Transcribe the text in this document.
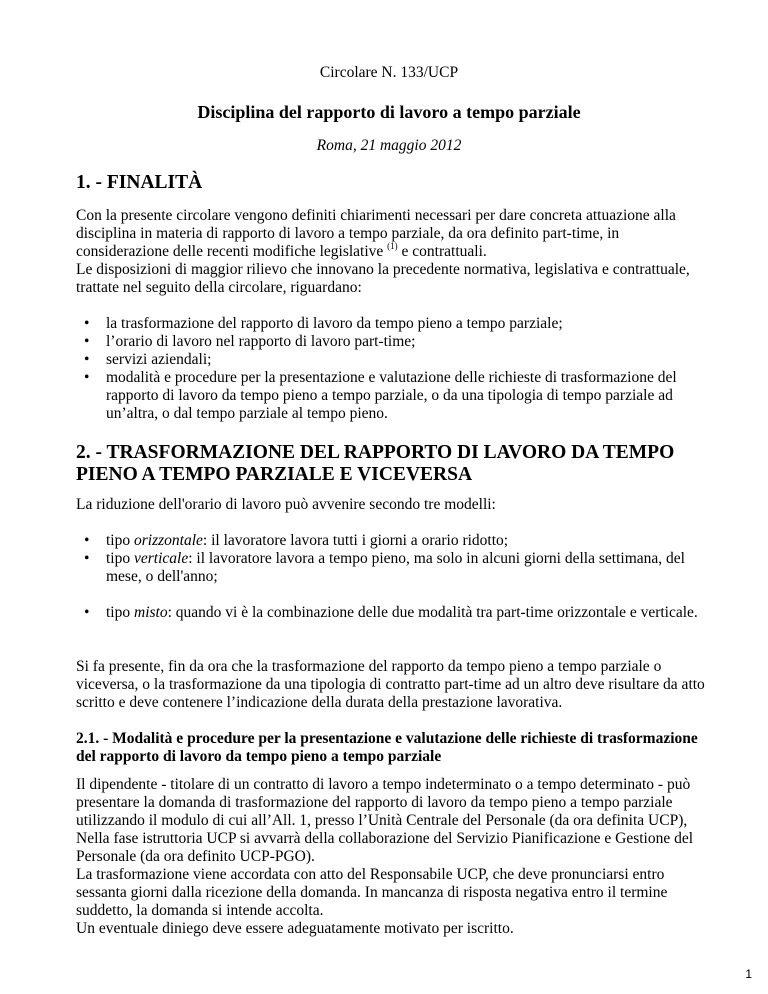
Circolare N. 133/UCP
Disciplina del rapporto di lavoro a tempo parziale
Roma, 21 maggio 2012
1. - FINALITÀ

Con la presente circolare vengono definiti chiarimenti necessari per dare concreta attuazione alla disciplina in materia di rapporto di lavoro a tempo parziale, da ora definito part-time, in considerazione delle recenti modifiche legislative $^{(1)}$ e contrattuali.

Le disposizioni di maggior rilievo che innovano la precedente normativa, legislativa e contrattuale, trattate nel seguito della circolare, riguardano:

• la trasformazione del rapporto di lavoro da tempo pieno a tempo parziale;
• l’orario di lavoro nel rapporto di lavoro part-time;
• servizi aziendali;
• modalità e procedure per la presentazione e valutazione delle richieste di trasformazione del rapporto di lavoro da tempo pieno a tempo parziale, o da una tipologia di tempo parziale ad un’altra, o dal tempo parziale al tempo pieno.
2. - TRASFORMAZIONE DEL RAPPORTO DI LAVORO DA TEMPO PIENO A TEMPO PARZIALE E VICEVERSA

La riduzione dell'orario di lavoro può avvenire secondo tre modelli:

• tipo orizzontale: il lavoratore lavora tutti i giorni a orario ridotto;
• tipo verticale: il lavoratore lavora a tempo pieno, ma solo in alcuni giorni della settimana, del mese, o dell'anno;
• tipo misto: quando vi è la combinazione delle due modalità tra part-time orizzontale e verticale.

Si fa presente, fin da ora che la trasformazione del rapporto da tempo pieno a tempo parziale o viceversa, o la trasformazione da una tipologia di contratto part-time ad un altro deve risultare da atto scritto e deve contenere l’indicazione della durata della prestazione lavorativa.

2.1. - Modalità e procedure per la presentazione e valutazione delle richieste di trasformazione del rapporto di lavoro da tempo pieno a tempo parziale

Il dipendente - titolare di un contratto di lavoro a tempo indeterminato o a tempo determinato - può presentare la domanda di trasformazione del rapporto di lavoro da tempo pieno a tempo parziale utilizzando il modulo di cui all’All. 1, presso l’Unità Centrale del Personale (da ora definita UCP), Nella fase istruttoria UCP si avvarrà della collaborazione del Servizio Pianificazione e Gestione del Personale (da ora definito UCP-PGO).

La trasformazione viene accordata con atto del Responsabile UCP, che deve pronunciarsi entro sessanta giorni dalla ricezione della domanda. In mancanza di risposta negativa entro il termine suddetto, la domanda si intende accolta.

Un eventuale diniego deve essere adeguatamente motivato per iscritto.

1
